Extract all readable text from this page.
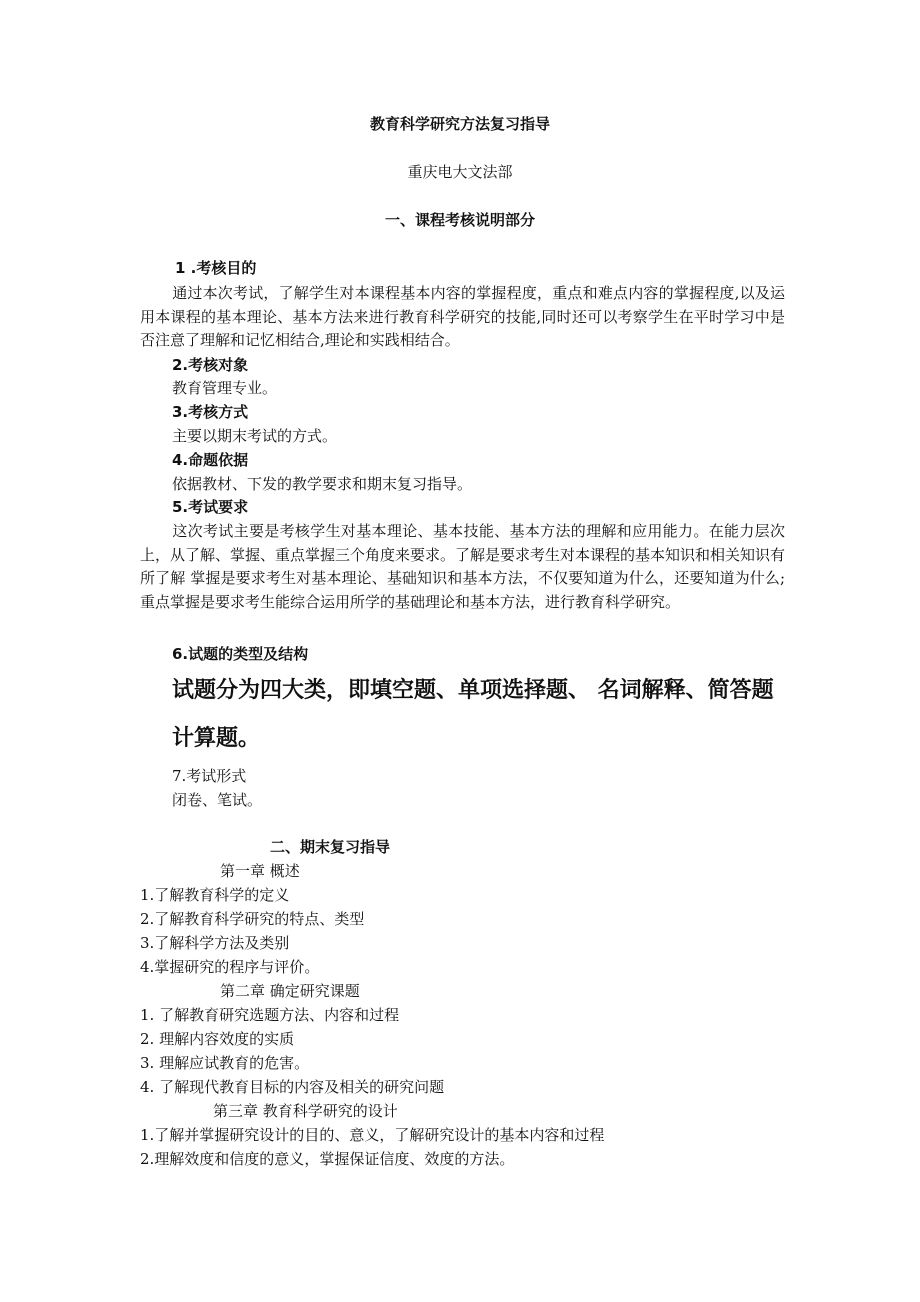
教育科学研究方法复习指导
重庆电大文法部
一、课程考核说明部分
1 .考核目的
通过本次考试，了解学生对本课程基本内容的掌握程度，重点和难点内容的掌握程度,以及运用本课程的基本理论、基本方法来进行教育科学研究的技能,同时还可以考察学生在平时学习中是否注意了理解和记忆相结合,理论和实践相结合。
2.考核对象
教育管理专业。
3.考核方式
主要以期末考试的方式。
4.命题依据
依据教材、下发的教学要求和期末复习指导。
5.考试要求
这次考试主要是考核学生对基本理论、基本技能、基本方法的理解和应用能力。在能力层次上，从了解、掌握、重点掌握三个角度来要求。了解是要求考生对本课程的基本知识和相关知识有所了解 掌握是要求考生对基本理论、基础知识和基本方法，不仅要知道为什么，还要知道为什么; 重点掌握是要求考生能综合运用所学的基础理论和基本方法，进行教育科学研究。
6.试题的类型及结构
试题分为四大类，即填空题、单项选择题、 名词解释、简答题
计算题。
7.考试形式
闭卷、笔试。
二、期末复习指导
第一章 概述
1.了解教育科学的定义
2.了解教育科学研究的特点、类型
3.了解科学方法及类别
4.掌握研究的程序与评价。
第二章 确定研究课题
1. 了解教育研究选题方法、内容和过程
2. 理解内容效度的实质
3. 理解应试教育的危害。
4. 了解现代教育目标的内容及相关的研究问题
第三章 教育科学研究的设计
1.了解并掌握研究设计的目的、意义，了解研究设计的基本内容和过程
2.理解效度和信度的意义，掌握保证信度、效度的方法。
